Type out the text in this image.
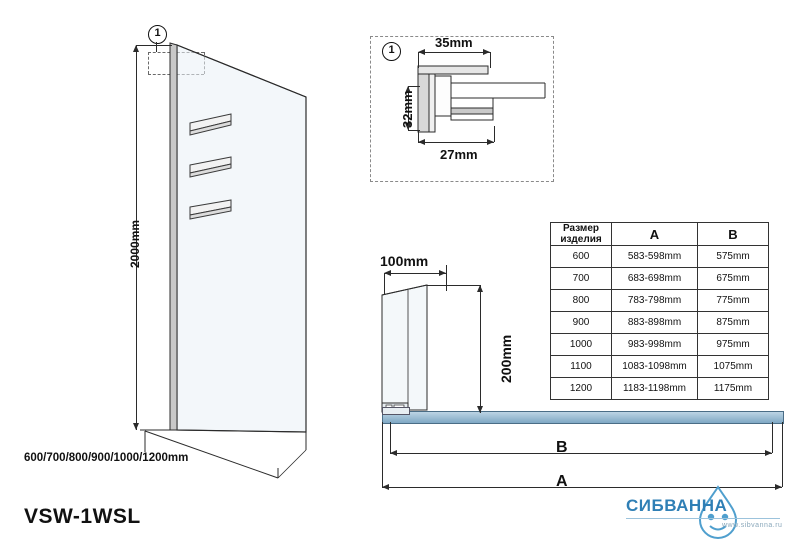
1
2000mm
600/700/800/900/1000/1200mm
VSW-1WSL
1	35mm
32mm
27mm
Размер изделия	A	B
600	583-598mm	575mm
700	683-698mm	675mm
800	783-798mm	775mm
900	883-898mm	875mm
1000	983-998mm	975mm
1100	1083-1098mm	1075mm
1200	1183-1198mm	1175mm
100mm
200mm
B
A
СИБВАННА
www.sibvanna.ru
